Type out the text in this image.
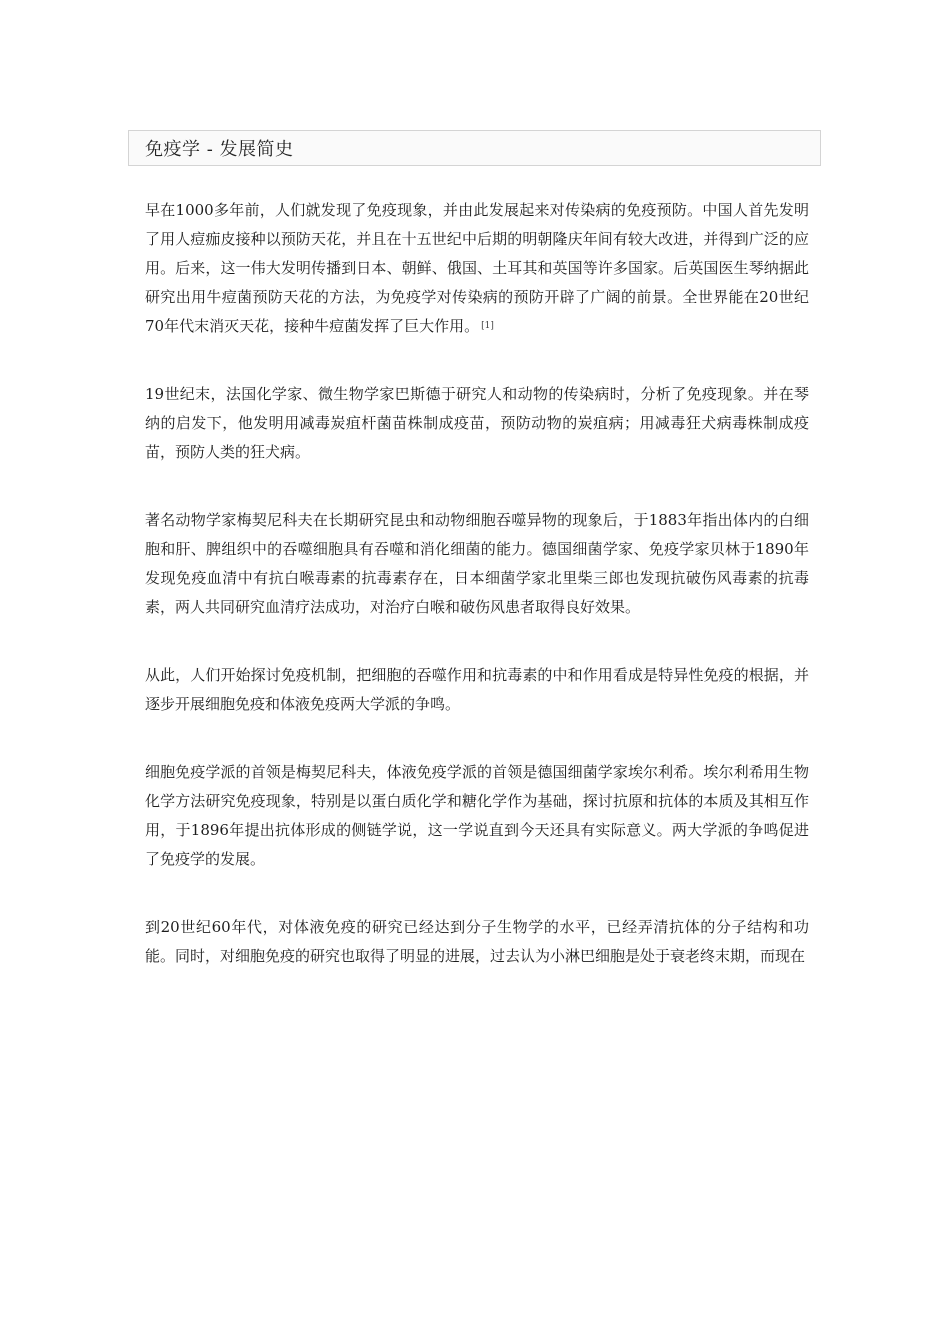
免疫学 - 发展简史

早在1000多年前，人们就发现了免疫现象，并由此发展起来对传染病的免疫预防。中国人首先发明了用人痘痂皮接种以预防天花，并且在十五世纪中后期的明朝隆庆年间有较大改进，并得到广泛的应用。后来，这一伟大发明传播到日本、朝鲜、俄国、土耳其和英国等许多国家。后英国医生琴纳据此研究出用牛痘菌预防天花的方法，为免疫学对传染病的预防开辟了广阔的前景。全世界能在20世纪70年代末消灭天花，接种牛痘菌发挥了巨大作用。 [1]

19世纪末，法国化学家、微生物学家巴斯德于研究人和动物的传染病时，分析了免疫现象。并在琴纳的启发下，他发明用减毒炭疽杆菌苗株制成疫苗，预防动物的炭疽病；用减毒狂犬病毒株制成疫苗，预防人类的狂犬病。

著名动物学家梅契尼科夫在长期研究昆虫和动物细胞吞噬异物的现象后，于1883年指出体内的白细胞和肝、脾组织中的吞噬细胞具有吞噬和消化细菌的能力。德国细菌学家、免疫学家贝林于1890年发现免疫血清中有抗白喉毒素的抗毒素存在，日本细菌学家北里柴三郎也发现抗破伤风毒素的抗毒素，两人共同研究血清疗法成功，对治疗白喉和破伤风患者取得良好效果。

从此，人们开始探讨免疫机制，把细胞的吞噬作用和抗毒素的中和作用看成是特异性免疫的根据，并逐步开展细胞免疫和体液免疫两大学派的争鸣。

细胞免疫学派的首领是梅契尼科夫，体液免疫学派的首领是德国细菌学家埃尔利希。埃尔利希用生物化学方法研究免疫现象，特别是以蛋白质化学和糖化学作为基础，探讨抗原和抗体的本质及其相互作用，于1896年提出抗体形成的侧链学说，这一学说直到今天还具有实际意义。两大学派的争鸣促进了免疫学的发展。

到20世纪60年代，对体液免疫的研究已经达到分子生物学的水平，已经弄清抗体的分子结构和功能。同时，对细胞免疫的研究也取得了明显的进展，过去认为小淋巴细胞是处于衰老终末期，而现在
